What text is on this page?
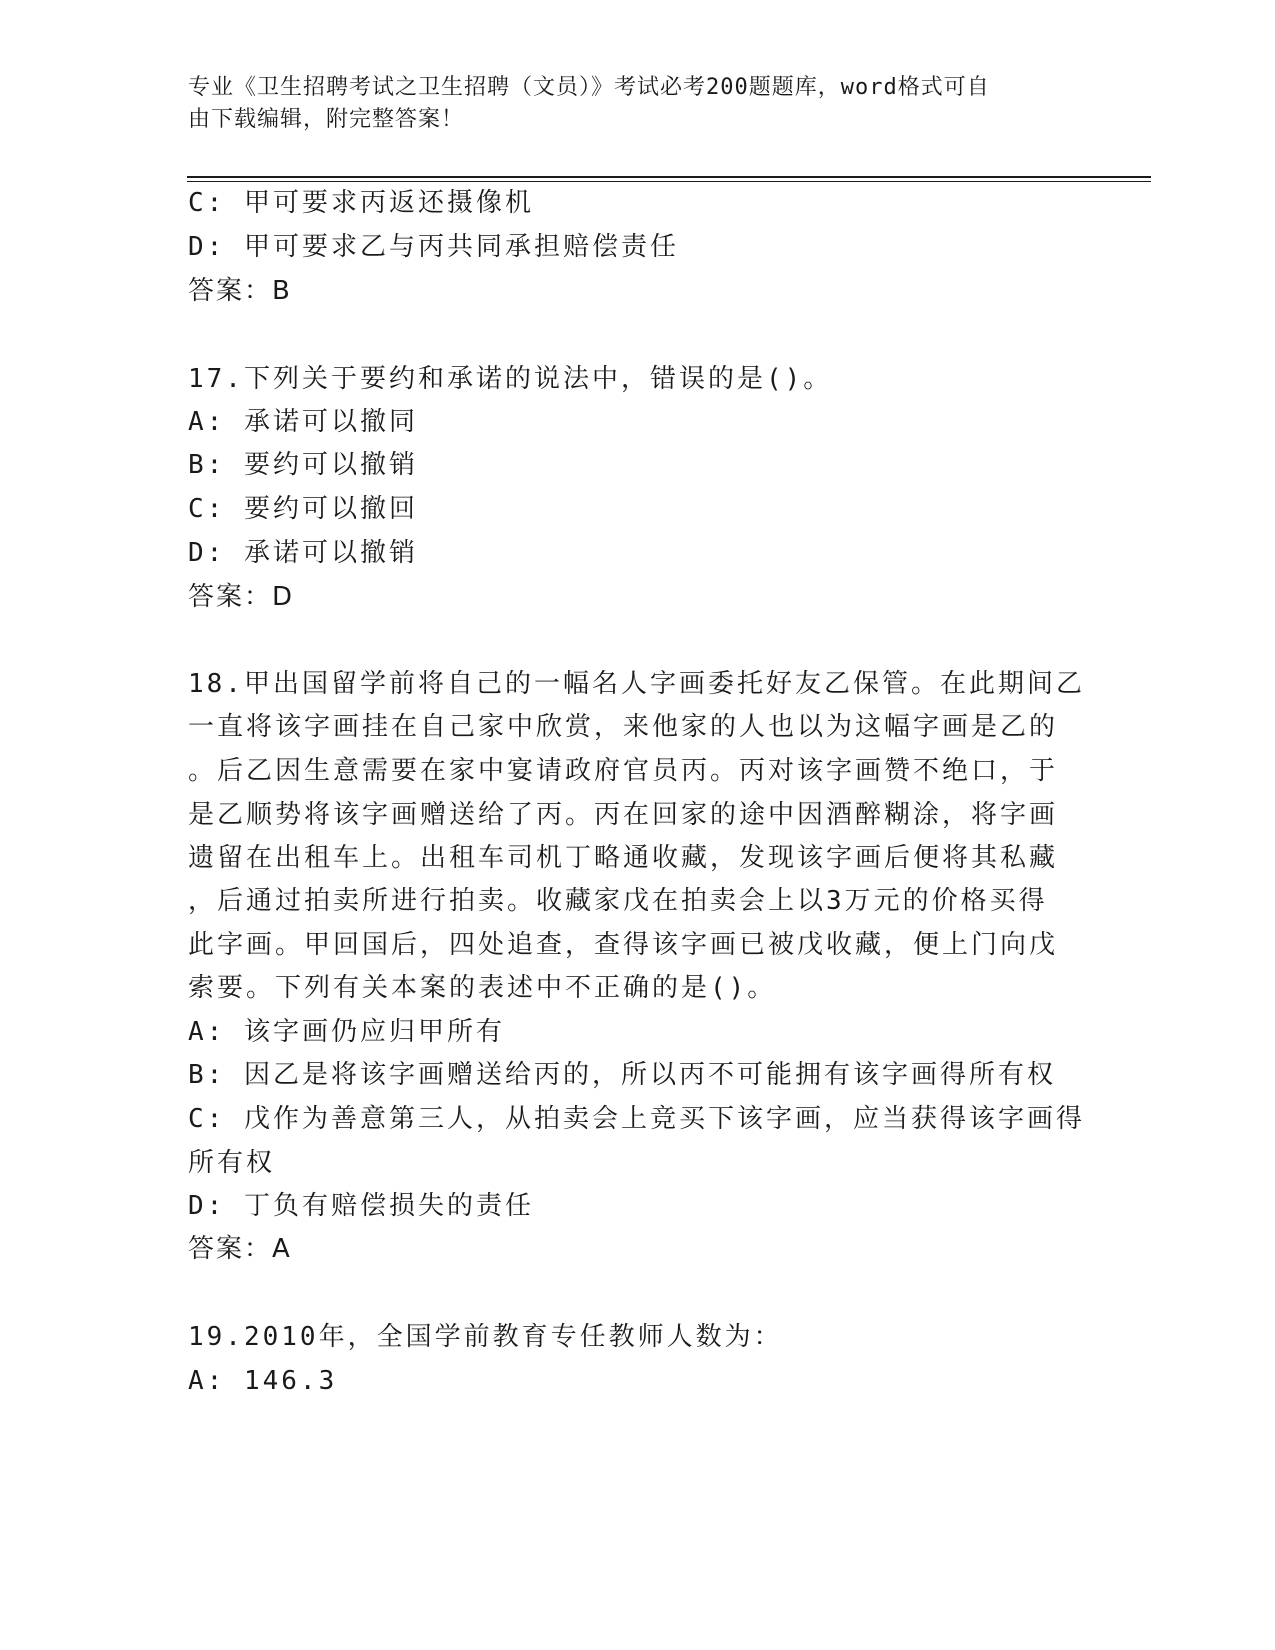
专业《卫生招聘考试之卫生招聘（文员）》考试必考200题题库，word格式可自
由下载编辑，附完整答案！
C: 甲可要求丙返还摄像机
D: 甲可要求乙与丙共同承担赔偿责任
答案：B
17.下列关于要约和承诺的说法中，错误的是()。
A: 承诺可以撤同
B: 要约可以撤销
C: 要约可以撤回
D: 承诺可以撤销
答案：D
18.甲出国留学前将自己的一幅名人字画委托好友乙保管。在此期间乙
一直将该字画挂在自己家中欣赏，来他家的人也以为这幅字画是乙的
。后乙因生意需要在家中宴请政府官员丙。丙对该字画赞不绝口，于
是乙顺势将该字画赠送给了丙。丙在回家的途中因酒醉糊涂，将字画
遗留在出租车上。出租车司机丁略通收藏，发现该字画后便将其私藏
，后通过拍卖所进行拍卖。收藏家戊在拍卖会上以3万元的价格买得
此字画。甲回国后，四处追查，查得该字画已被戊收藏，便上门向戊
索要。下列有关本案的表述中不正确的是()。
A: 该字画仍应归甲所有
B: 因乙是将该字画赠送给丙的，所以丙不可能拥有该字画得所有权
C: 戊作为善意第三人，从拍卖会上竞买下该字画，应当获得该字画得
所有权
D: 丁负有赔偿损失的责任
答案：A
19.2010年，全国学前教育专任教师人数为：
A: 146.3
